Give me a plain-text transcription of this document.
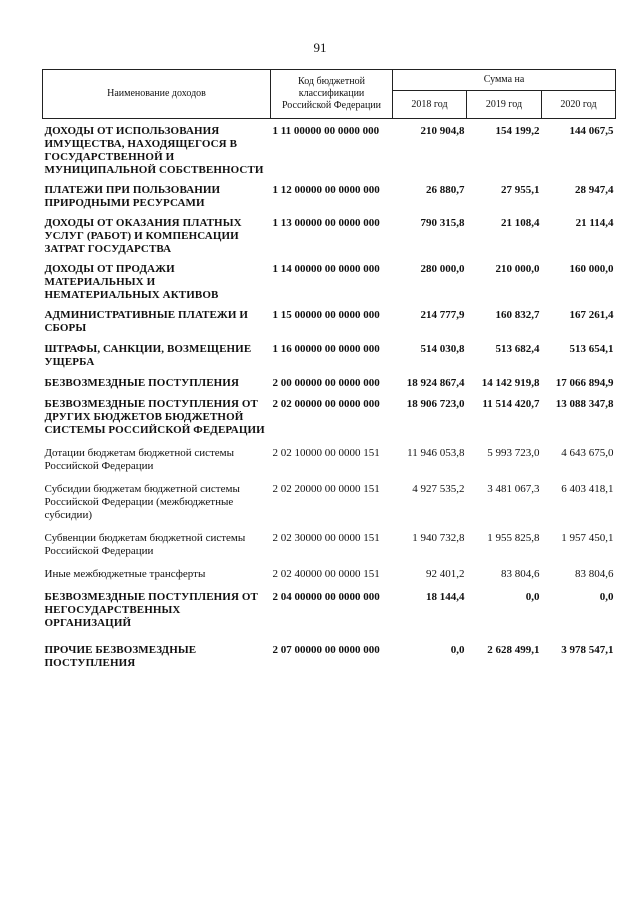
91
Наименование доходов	Код бюджетной классификации Российской Федерации	Сумма на		
		2018 год	2019 год	2020 год
ДОХОДЫ ОТ ИСПОЛЬЗОВАНИЯ ИМУЩЕСТВА, НАХОДЯЩЕГОСЯ В ГОСУДАРСТВЕННОЙ И МУНИЦИПАЛЬНОЙ СОБСТВЕННОСТИ	1 11 00000 00 0000 000	210 904,8	154 199,2	144 067,5
ПЛАТЕЖИ ПРИ ПОЛЬЗОВАНИИ ПРИРОДНЫМИ РЕСУРСАМИ	1 12 00000 00 0000 000	26 880,7	27 955,1	28 947,4
ДОХОДЫ ОТ ОКАЗАНИЯ ПЛАТНЫХ УСЛУГ (РАБОТ) И КОМПЕНСАЦИИ ЗАТРАТ ГОСУДАРСТВА	1 13 00000 00 0000 000	790 315,8	21 108,4	21 114,4
ДОХОДЫ ОТ ПРОДАЖИ МАТЕРИАЛЬНЫХ И НЕМАТЕРИАЛЬНЫХ АКТИВОВ	1 14 00000 00 0000 000	280 000,0	210 000,0	160 000,0
АДМИНИСТРАТИВНЫЕ ПЛАТЕЖИ И СБОРЫ	1 15 00000 00 0000 000	214 777,9	160 832,7	167 261,4
ШТРАФЫ, САНКЦИИ, ВОЗМЕЩЕНИЕ УЩЕРБА	1 16 00000 00 0000 000	514 030,8	513 682,4	513 654,1
БЕЗВОЗМЕЗДНЫЕ ПОСТУПЛЕНИЯ	2 00 00000 00 0000 000	18 924 867,4	14 142 919,8	17 066 894,9
БЕЗВОЗМЕЗДНЫЕ ПОСТУПЛЕНИЯ ОТ ДРУГИХ БЮДЖЕТОВ БЮДЖЕТНОЙ СИСТЕМЫ РОССИЙСКОЙ ФЕДЕРАЦИИ	2 02 00000 00 0000 000	18 906 723,0	11 514 420,7	13 088 347,8
Дотации бюджетам бюджетной системы Российской Федерации	2 02 10000 00 0000 151	11 946 053,8	5 993 723,0	4 643 675,0
Субсидии бюджетам бюджетной системы Российской Федерации (межбюджетные субсидии)	2 02 20000 00 0000 151	4 927 535,2	3 481 067,3	6 403 418,1
Субвенции бюджетам бюджетной системы Российской Федерации	2 02 30000 00 0000 151	1 940 732,8	1 955 825,8	1 957 450,1
Иные межбюджетные трансферты	2 02 40000 00 0000 151	92 401,2	83 804,6	83 804,6
БЕЗВОЗМЕЗДНЫЕ ПОСТУПЛЕНИЯ ОТ НЕГОСУДАРСТВЕННЫХ ОРГАНИЗАЦИЙ	2 04 00000 00 0000 000	18 144,4	0,0	0,0
ПРОЧИЕ БЕЗВОЗМЕЗДНЫЕ ПОСТУПЛЕНИЯ	2 07 00000 00 0000 000	0,0	2 628 499,1	3 978 547,1
